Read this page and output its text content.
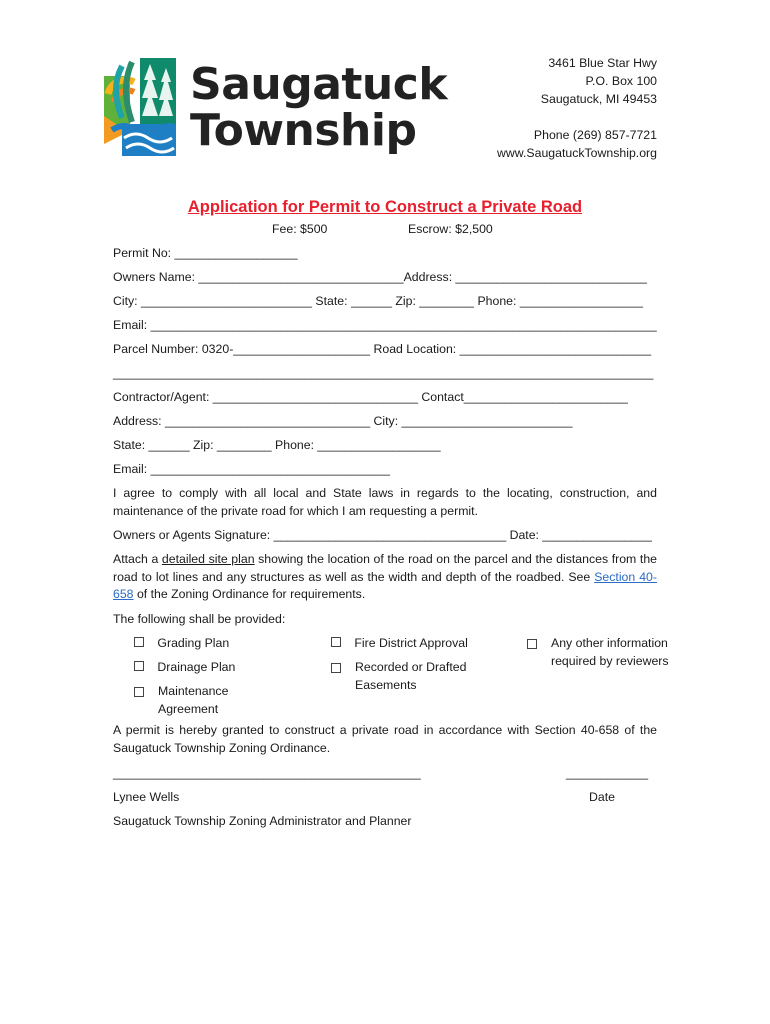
Saugatuck
Township
3461 Blue Star Hwy
P.O. Box 100
Saugatuck, MI 49453
Phone (269) 857-7721
www.SaugatuckTownship.org
Application for Permit to Construct a Private Road
Fee: $500	Escrow: $2,500
Permit No: __________________
Owners Name: ______________________________Address: ____________________________
City: _________________________ State: ______ Zip: ________ Phone: __________________
Email: __________________________________________________________________________
Parcel Number: 0320-____________________ Road Location: ____________________________
_______________________________________________________________________________
Contractor/Agent: ______________________________ Contact________________________
Address: ______________________________ City: _________________________
State: ______ Zip: ________ Phone: __________________
Email: ___________________________________
I agree to comply with all local and State laws in regards to the locating, construction, and maintenance of the private road for which I am requesting a permit.
Owners or Agents Signature: __________________________________ Date: ________________
Attach a detailed site plan showing the location of the road on the parcel and the distances from the road to lot lines and any structures as well as the width and depth of the roadbed. See Section 40-658 of the Zoning Ordinance for requirements.
The following shall be provided:
Grading Plan
Drainage Plan
Maintenance Agreement
Fire District Approval
Recorded or Drafted Easements
Any other information required by reviewers
A permit is hereby granted to construct a private road in accordance with Section 40-658 of the Saugatuck Township Zoning Ordinance.
_____________________________________________	____________
Lynee Wells	Date
Saugatuck Township Zoning Administrator and Planner
